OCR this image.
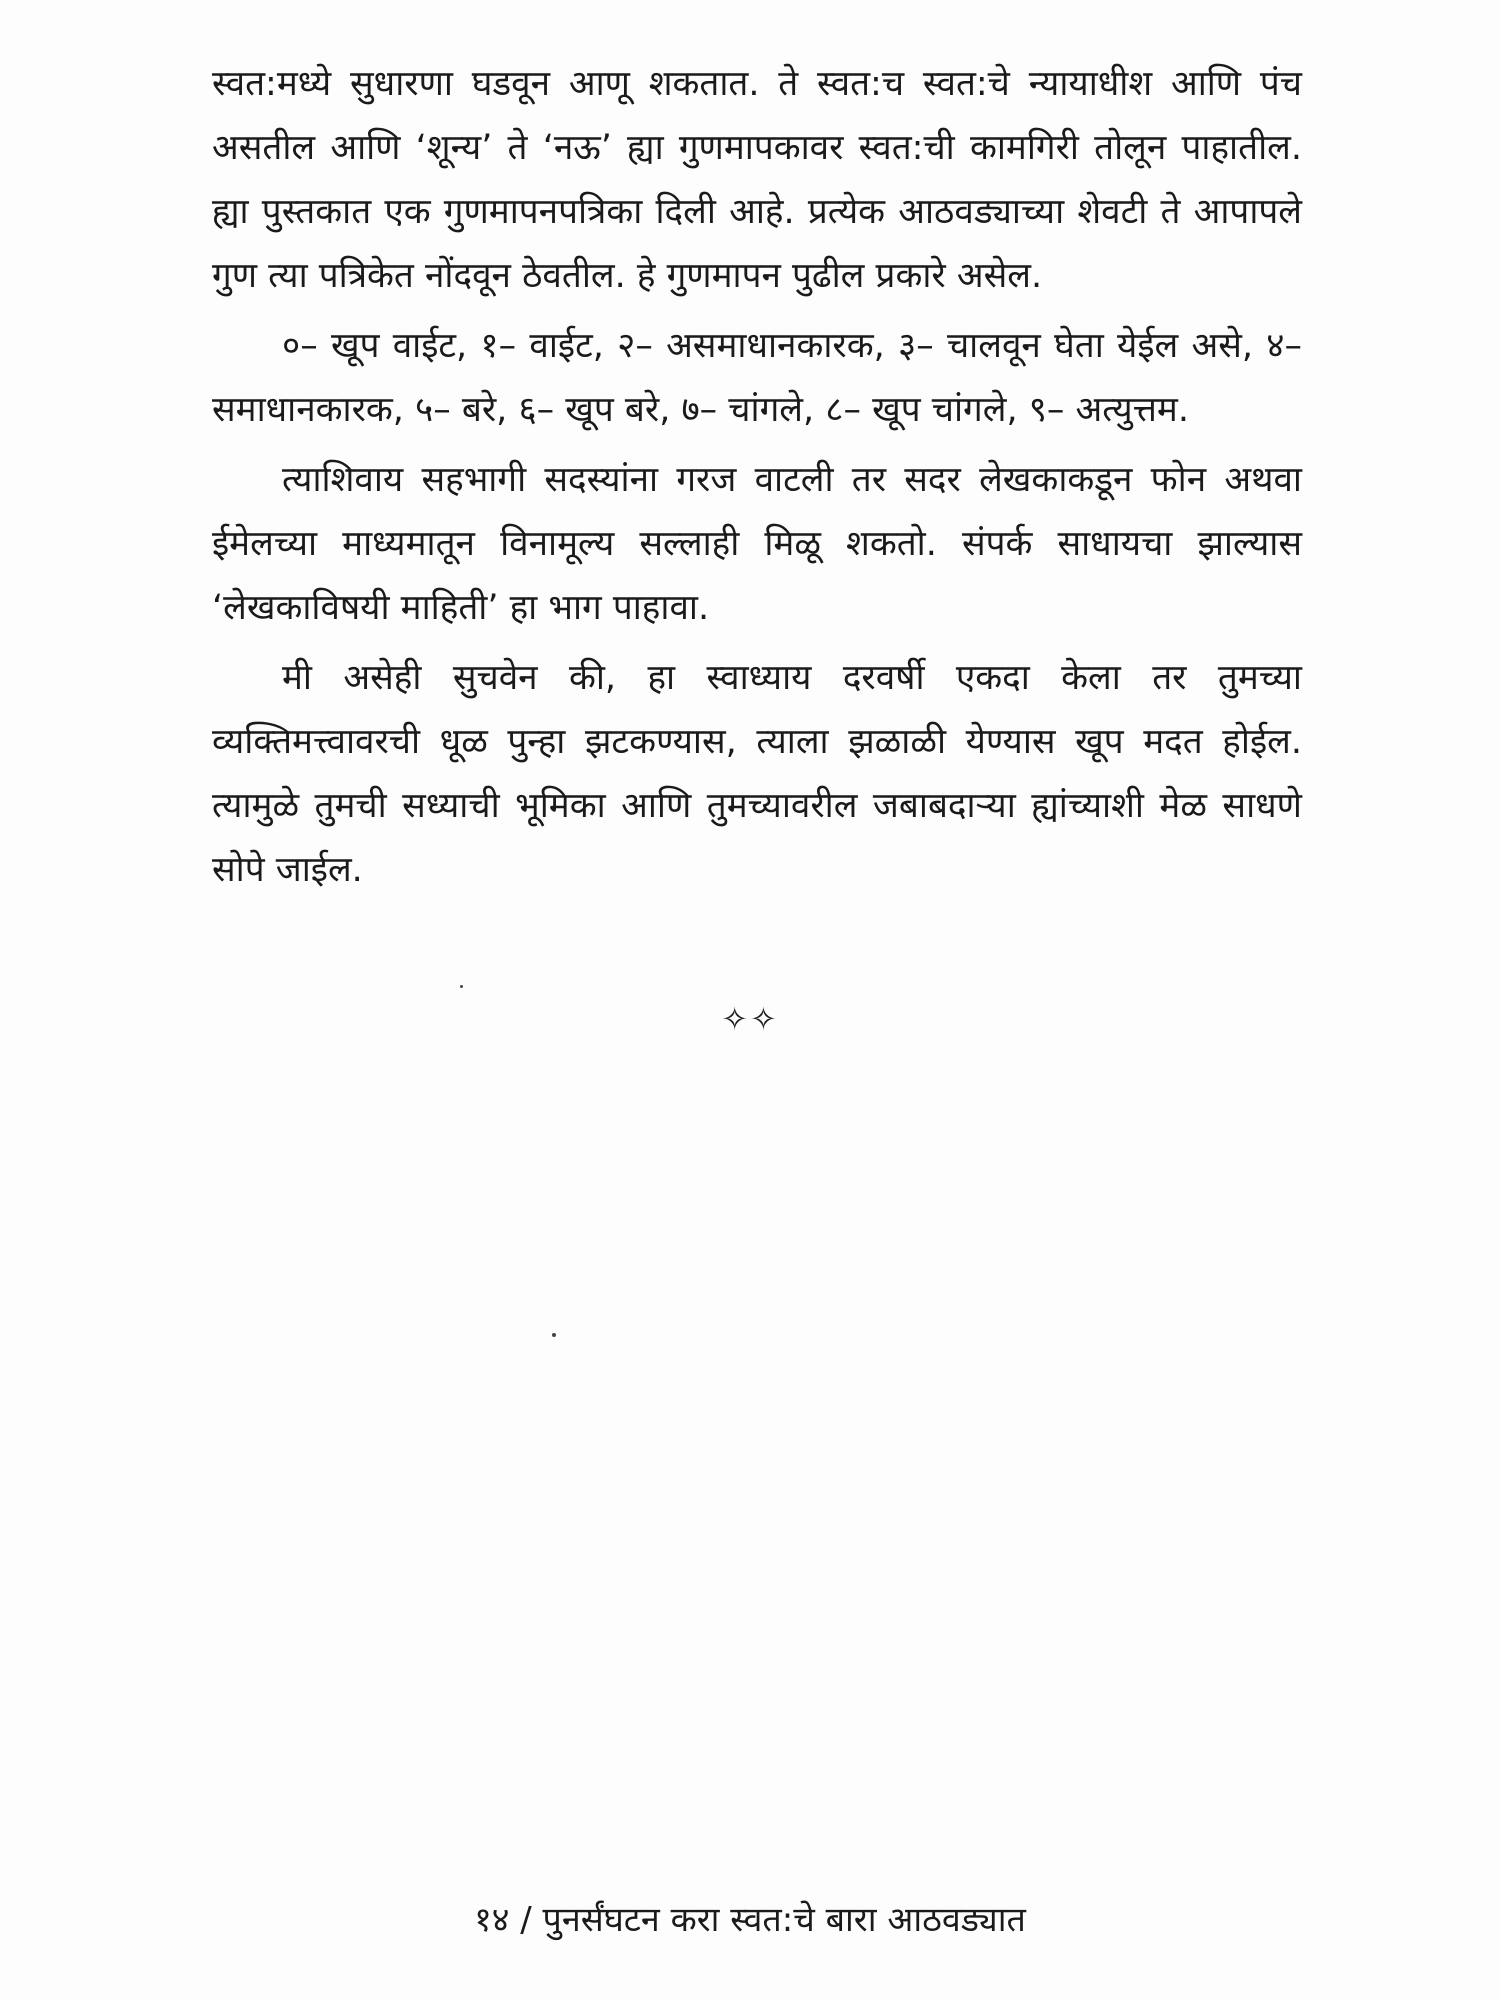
स्वत:मध्ये सुधारणा घडवून आणू शकतात. ते स्वत:च स्वत:चे न्यायाधीश आणि पंच असतील आणि ‘शून्य’ ते ‘नऊ’ ह्या गुणमापकावर स्वत:ची कामगिरी तोलून पाहातील. ह्या पुस्तकात एक गुणमापनपत्रिका दिली आहे. प्रत्येक आठवड्याच्या शेवटी ते आपापले गुण त्या पत्रिकेत नोंदवून ठेवतील. हे गुणमापन पुढील प्रकारे असेल.

०– खूप वाईट, १– वाईट, २– असमाधानकारक, ३– चालवून घेता येईल असे, ४– समाधानकारक, ५– बरे, ६– खूप बरे, ७– चांगले, ८– खूप चांगले, ९– अत्युत्तम.

त्याशिवाय सहभागी सदस्यांना गरज वाटली तर सदर लेखकाकडून फोन अथवा ईमेलच्या माध्यमातून विनामूल्य सल्लाही मिळू शकतो. संपर्क साधायचा झाल्यास ‘लेखकाविषयी माहिती’ हा भाग पाहावा.

मी असेही सुचवेन की, हा स्वाध्याय दरवर्षी एकदा केला तर तुमच्या व्यक्तिमत्त्वावरची धूळ पुन्हा झटकण्यास, त्याला झळाळी येण्यास खूप मदत होईल. त्यामुळे तुमची सध्याची भूमिका आणि तुमच्यावरील जबाबदाऱ्या ह्यांच्याशी मेळ साधणे सोपे जाईल.

✧✧
१४ / पुनर्संघटन करा स्वत:चे बारा आठवड्यात
